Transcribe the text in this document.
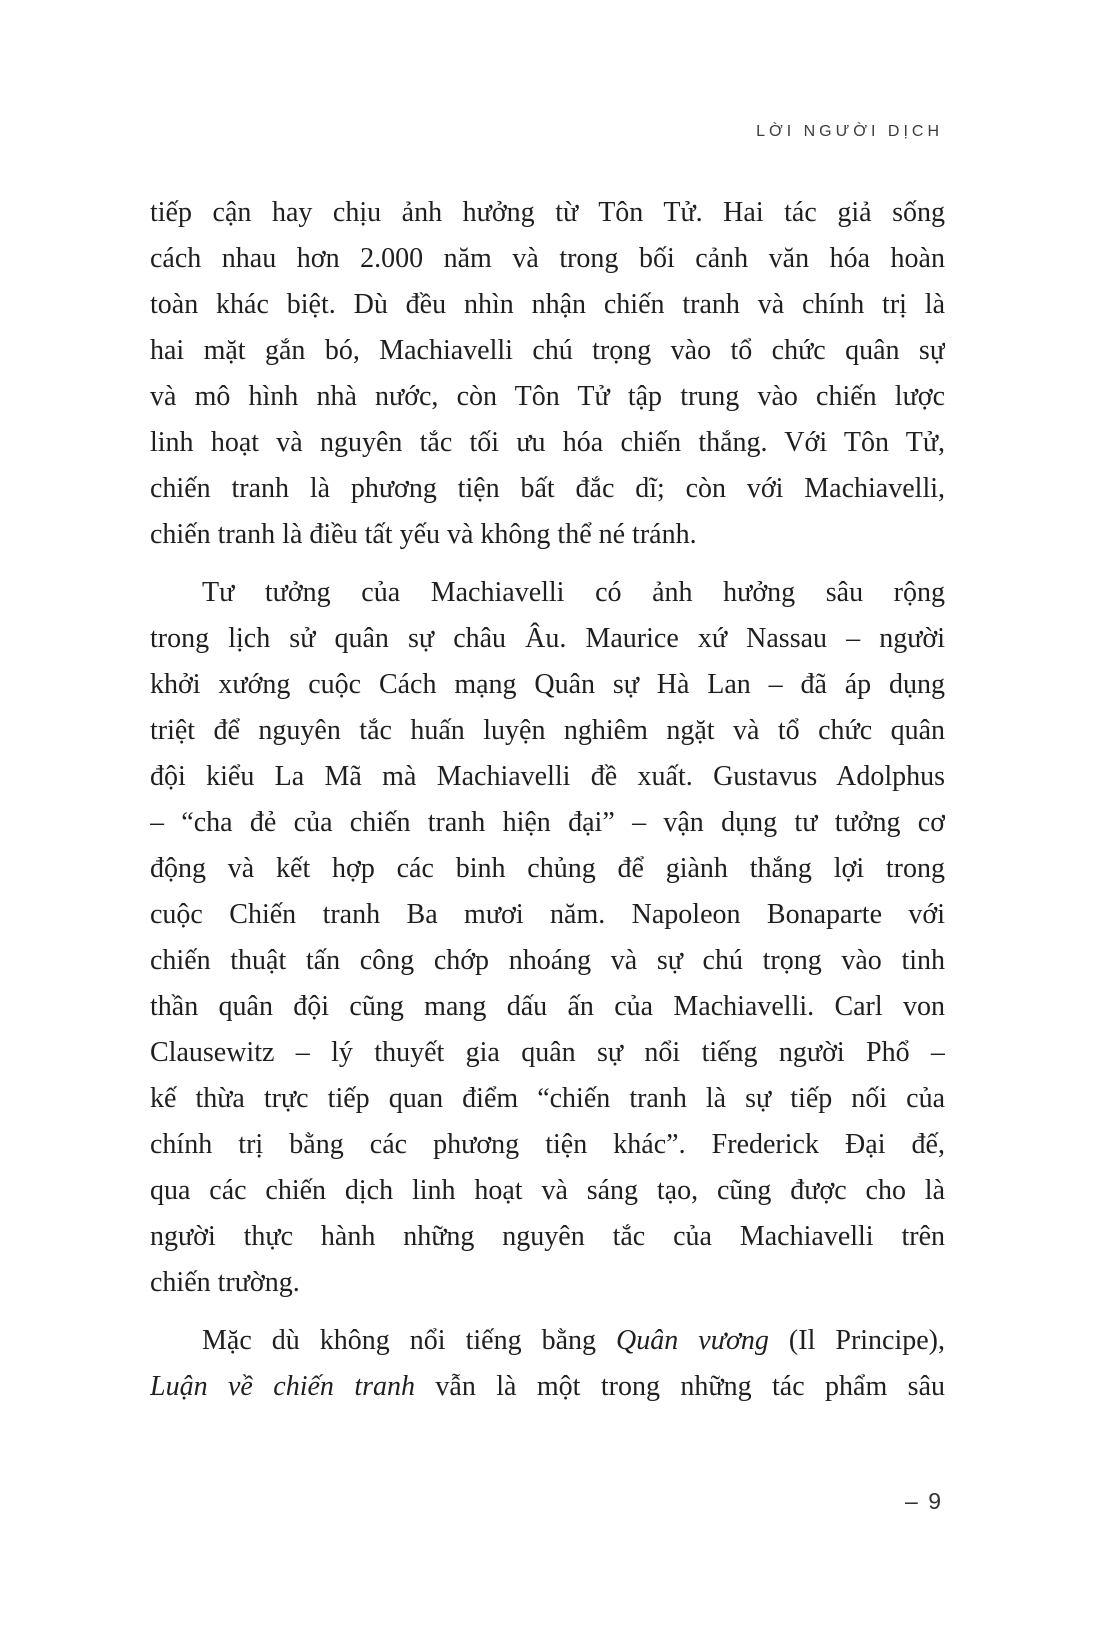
LỜI NGƯỜI DỊCH
tiếp cận hay chịu ảnh hưởng từ Tôn Tử. Hai tác giả sống
cách nhau hơn 2.000 năm và trong bối cảnh văn hóa hoàn
toàn khác biệt. Dù đều nhìn nhận chiến tranh và chính trị là
hai mặt gắn bó, Machiavelli chú trọng vào tổ chức quân sự
và mô hình nhà nước, còn Tôn Tử tập trung vào chiến lược
linh hoạt và nguyên tắc tối ưu hóa chiến thắng. Với Tôn Tử,
chiến tranh là phương tiện bất đắc dĩ; còn với Machiavelli,
chiến tranh là điều tất yếu và không thể né tránh.
Tư tưởng của Machiavelli có ảnh hưởng sâu rộng
trong lịch sử quân sự châu Âu. Maurice xứ Nassau – người
khởi xướng cuộc Cách mạng Quân sự Hà Lan – đã áp dụng
triệt để nguyên tắc huấn luyện nghiêm ngặt và tổ chức quân
đội kiểu La Mã mà Machiavelli đề xuất. Gustavus Adolphus
– “cha đẻ của chiến tranh hiện đại” – vận dụng tư tưởng cơ
động và kết hợp các binh chủng để giành thắng lợi trong
cuộc Chiến tranh Ba mươi năm. Napoleon Bonaparte với
chiến thuật tấn công chớp nhoáng và sự chú trọng vào tinh
thần quân đội cũng mang dấu ấn của Machiavelli. Carl von
Clausewitz – lý thuyết gia quân sự nổi tiếng người Phổ –
kế thừa trực tiếp quan điểm “chiến tranh là sự tiếp nối của
chính trị bằng các phương tiện khác”. Frederick Đại đế,
qua các chiến dịch linh hoạt và sáng tạo, cũng được cho là
người thực hành những nguyên tắc của Machiavelli trên
chiến trường.
Mặc dù không nổi tiếng bằng Quân vương (Il Principe),
Luận về chiến tranh vẫn là một trong những tác phẩm sâu
– 9
